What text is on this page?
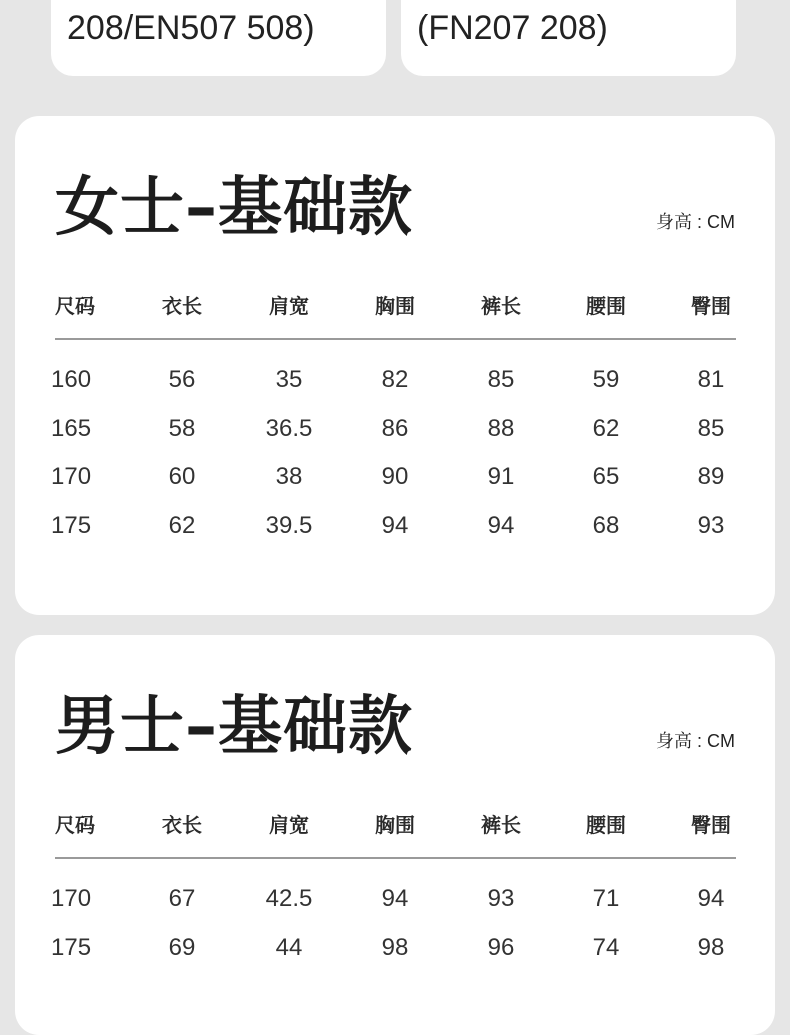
208/EN507 508)	(FN207 208)
女士–基础款	身高 : CM
尺码	衣长	肩宽	胸围	裤长	腰围	臀围
160	56	35	82	85	59	81
165	58	36.5	86	88	62	85
170	60	38	90	91	65	89
175	62	39.5	94	94	68	93
男士–基础款	身高 : CM
尺码	衣长	肩宽	胸围	裤长	腰围	臀围
170	67	42.5	94	93	71	94
175	69	44	98	96	74	98
